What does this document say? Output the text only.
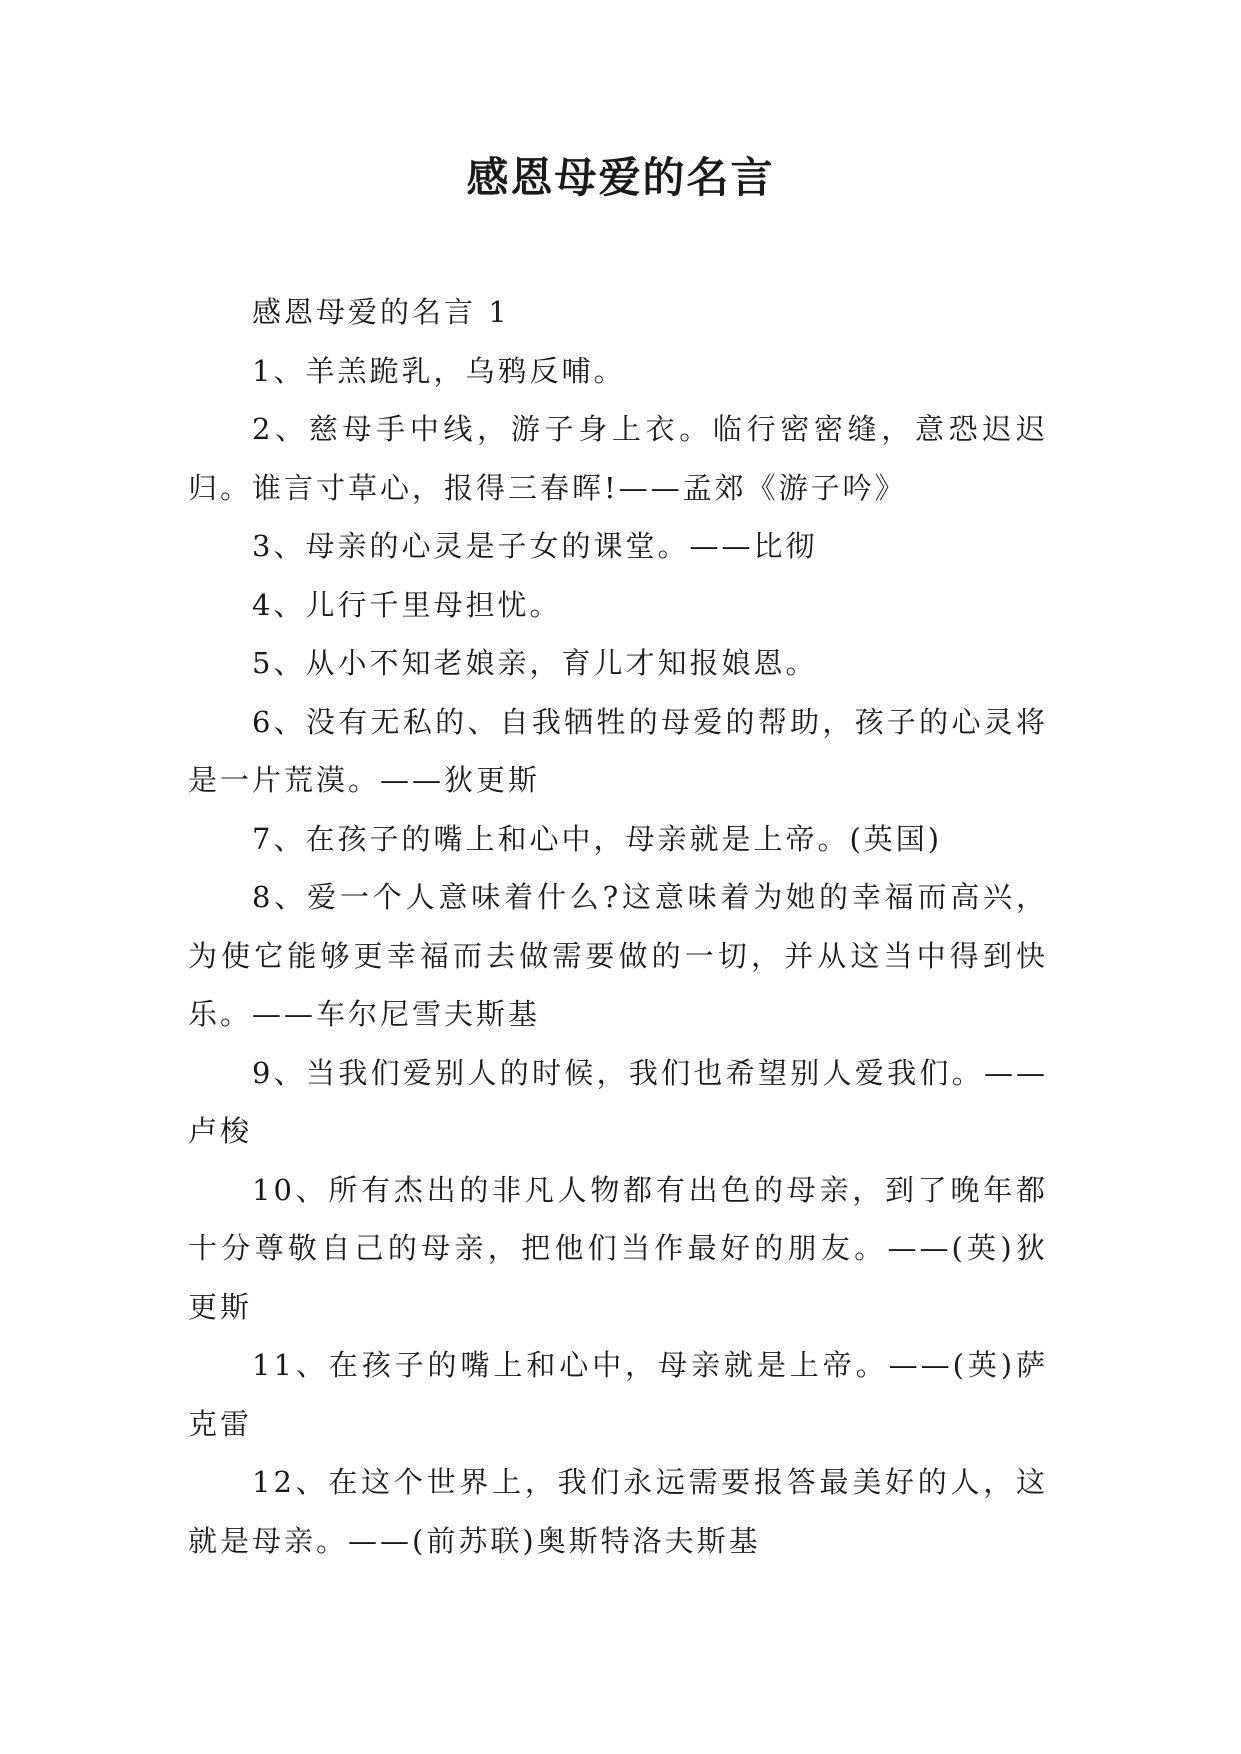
感恩母爱的名言

感恩母爱的名言 1

1、羊羔跪乳，乌鸦反哺。

2、慈母手中线，游子身上衣。临行密密缝，意恐迟迟归。谁言寸草心，报得三春晖!——孟郊《游子吟》

3、母亲的心灵是子女的课堂。——比彻

4、儿行千里母担忧。

5、从小不知老娘亲，育儿才知报娘恩。

6、没有无私的、自我牺牲的母爱的帮助，孩子的心灵将是一片荒漠。——狄更斯

7、在孩子的嘴上和心中，母亲就是上帝。(英国)

8、爱一个人意味着什么?这意味着为她的幸福而高兴，为使它能够更幸福而去做需要做的一切，并从这当中得到快乐。——车尔尼雪夫斯基

9、当我们爱别人的时候，我们也希望别人爱我们。——卢梭

10、所有杰出的非凡人物都有出色的母亲，到了晚年都十分尊敬自己的母亲，把他们当作最好的朋友。——(英)狄更斯

11、在孩子的嘴上和心中，母亲就是上帝。——(英)萨克雷

12、在这个世界上，我们永远需要报答最美好的人，这就是母亲。——(前苏联)奥斯特洛夫斯基
